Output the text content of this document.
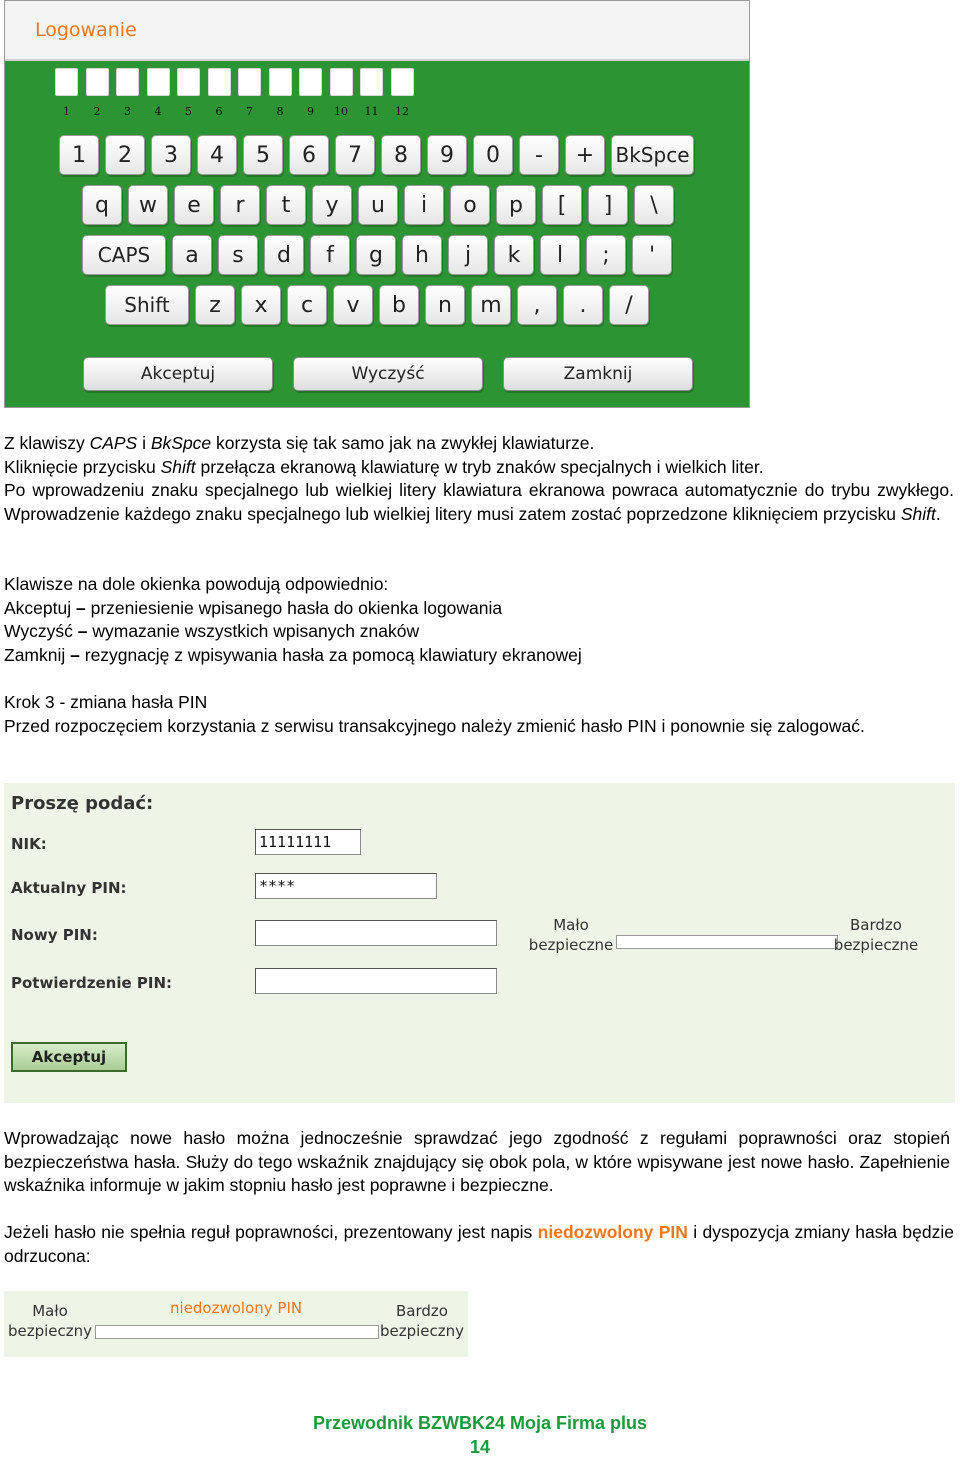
Logowanie
1	2	3	4	5	6	7	8	9	10	11	12
1	2	3	4	5	6	7	8	9	0	-	+	BkSpce
q	w	e	r	t	y	u	i	o	p	[	]	\
CAPS	a	s	d	f	g	h	j	k	l	;	'
Shift	z	x	c	v	b	n	m	,	.	/
Akceptuj	Wyczyść	Zamknij

Z klawiszy CAPS i BkSpce korzysta się tak samo jak na zwykłej klawiaturze.

Kliknięcie przycisku Shift przełącza ekranową klawiaturę w tryb znaków specjalnych i wielkich liter.

Po wprowadzeniu znaku specjalnego lub wielkiej litery klawiatura ekranowa powraca automatycznie do trybu zwykłego. Wprowadzenie każdego znaku specjalnego lub wielkiej litery musi zatem zostać poprzedzone kliknięciem przycisku Shift.

Klawisze na dole okienka powodują odpowiednio:

Akceptuj – przeniesienie wpisanego hasła do okienka logowania

Wyczyść – wymazanie wszystkich wpisanych znaków

Zamknij – rezygnację z wpisywania hasła za pomocą klawiatury ekranowej

Krok 3 - zmiana hasła PIN

Przed rozpoczęciem korzystania z serwisu transakcyjnego należy zmienić hasło PIN i ponownie się zalogować.

Proszę podać:
NIK:	11111111
Aktualny PIN:	****
Nowy PIN:
Mało
bezpieczne
Bardzo
bezpieczne
Potwierdzenie PIN:
Akceptuj
Wprowadzając nowe hasło można jednocześnie sprawdzać jego zgodność z regułami poprawności oraz stopień bezpieczeństwa hasła. Służy do tego wskaźnik znajdujący się obok pola, w które wpisywane jest nowe hasło. Zapełnienie wskaźnika informuje w jakim stopniu hasło jest poprawne i bezpieczne.
Jeżeli hasło nie spełnia reguł poprawności, prezentowany jest napis niedozwolony PIN i dyspozycja zmiany hasła będzie odrzucona:
Mało
bezpieczny
niedozwolony PIN	Bardzo
bezpieczny
Przewodnik BZWBK24 Moja Firma plus
14
